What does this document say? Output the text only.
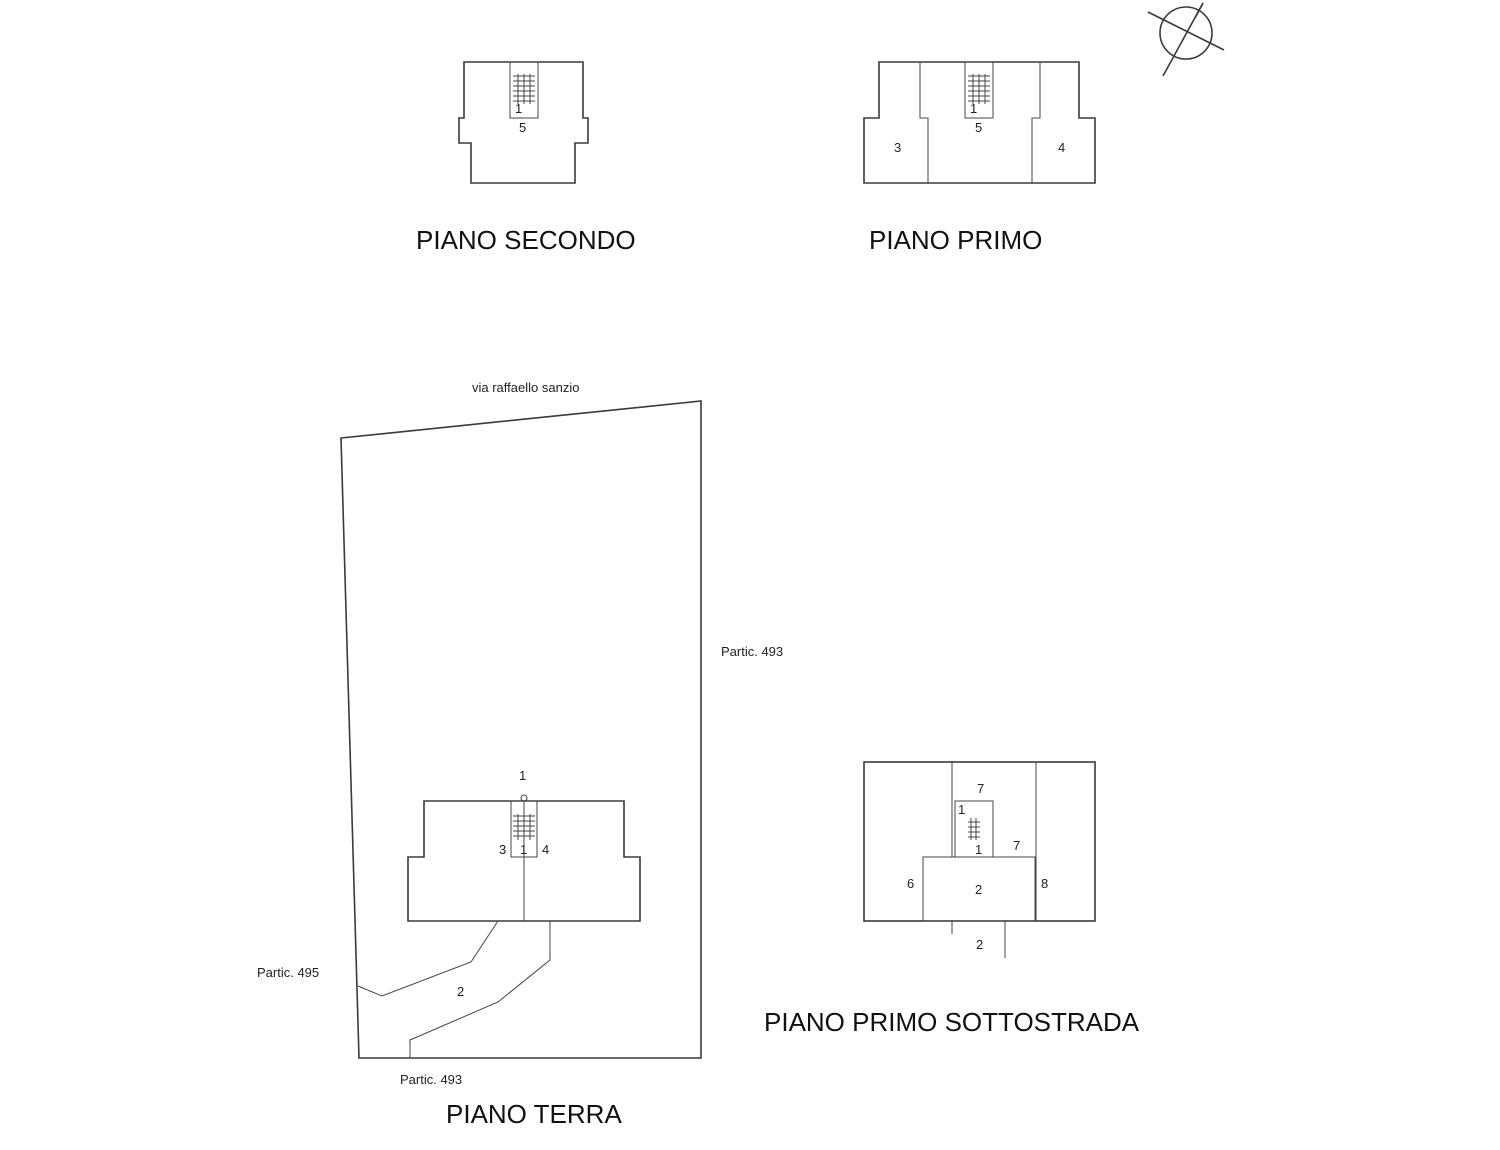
1
5
PIANO SECONDO
1
5
3	4
PIANO PRIMO
via raffaello sanzio
Partic. 493
Partic. 495
Partic. 493
1
3 1 4
2
PIANO TERRA
7
1
1 7
6	2	8
2
PIANO PRIMO SOTTOSTRADA
